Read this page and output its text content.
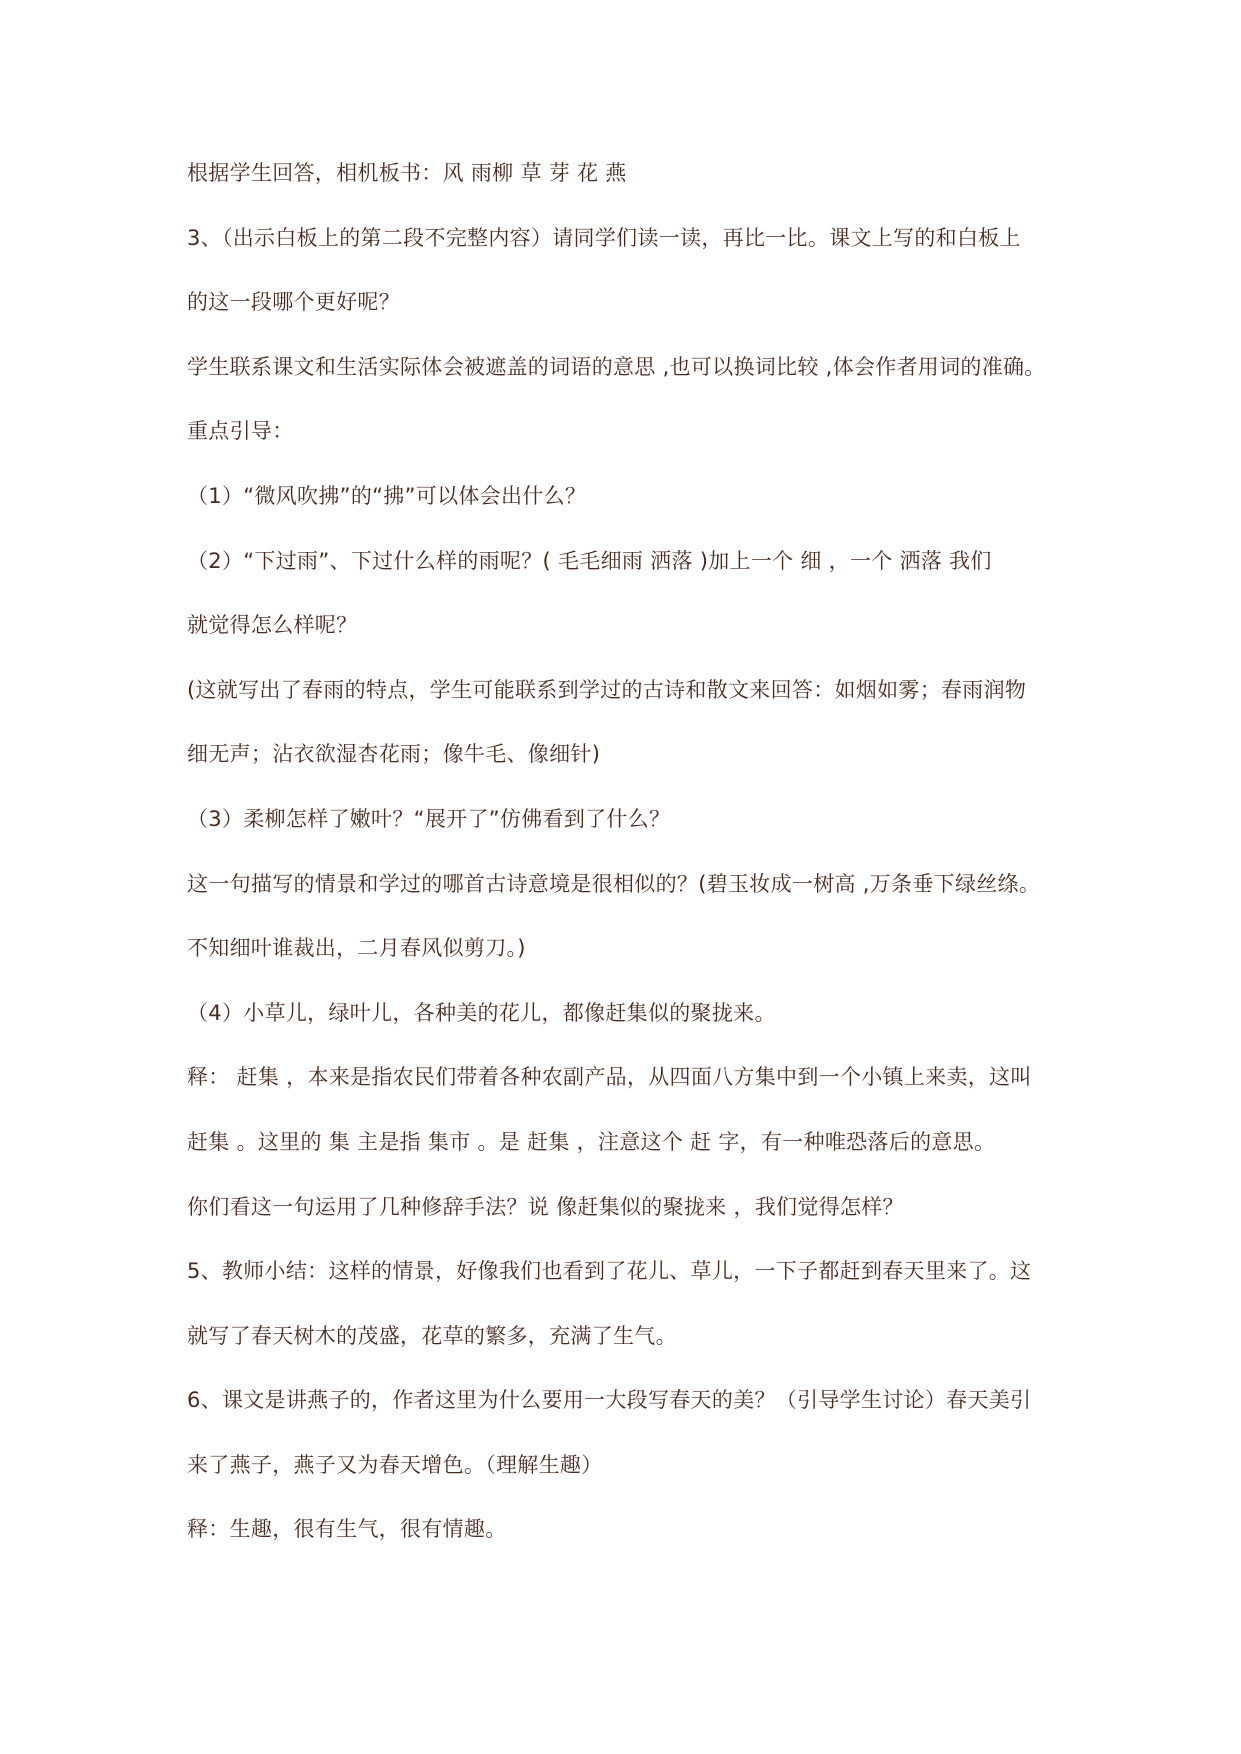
根据学生回答，相机板书：风 雨柳 草 芽 花 燕
3、（出示白板上的第二段不完整内容）请同学们读一读，再比一比。课文上写的和白板上
的这一段哪个更好呢？
学生联系课文和生活实际体会被遮盖的词语的意思 ,也可以换词比较 ,体会作者用词的准确。
重点引导：
（1）“微风吹拂”的“拂”可以体会出什么？
（2）“下过雨”、下过什么样的雨呢？( 毛毛细雨 洒落 )加上一个 细 ，一个 洒落 我们
就觉得怎么样呢？
(这就写出了春雨的特点，学生可能联系到学过的古诗和散文来回答：如烟如雾；春雨润物
细无声；沾衣欲湿杏花雨；像牛毛、像细针)
（3）柔柳怎样了嫩叶？“展开了”仿佛看到了什么？
这一句描写的情景和学过的哪首古诗意境是很相似的？(碧玉妆成一树高 ,万条垂下绿丝绦。
不知细叶谁裁出，二月春风似剪刀。)
（4）小草儿，绿叶儿，各种美的花儿，都像赶集似的聚拢来。
释： 赶集 ，本来是指农民们带着各种农副产品，从四面八方集中到一个小镇上来卖，这叫
赶集 。这里的 集 主是指 集市 。是 赶集 ，注意这个 赶 字，有一种唯恐落后的意思。
你们看这一句运用了几种修辞手法？说 像赶集似的聚拢来 ，我们觉得怎样？
5、教师小结：这样的情景，好像我们也看到了花儿、草儿，一下子都赶到春天里来了。这
就写了春天树木的茂盛，花草的繁多，充满了生气。
6、课文是讲燕子的，作者这里为什么要用一大段写春天的美？（引导学生讨论）春天美引
来了燕子，燕子又为春天增色。（理解生趣）
释：生趣，很有生气，很有情趣。
